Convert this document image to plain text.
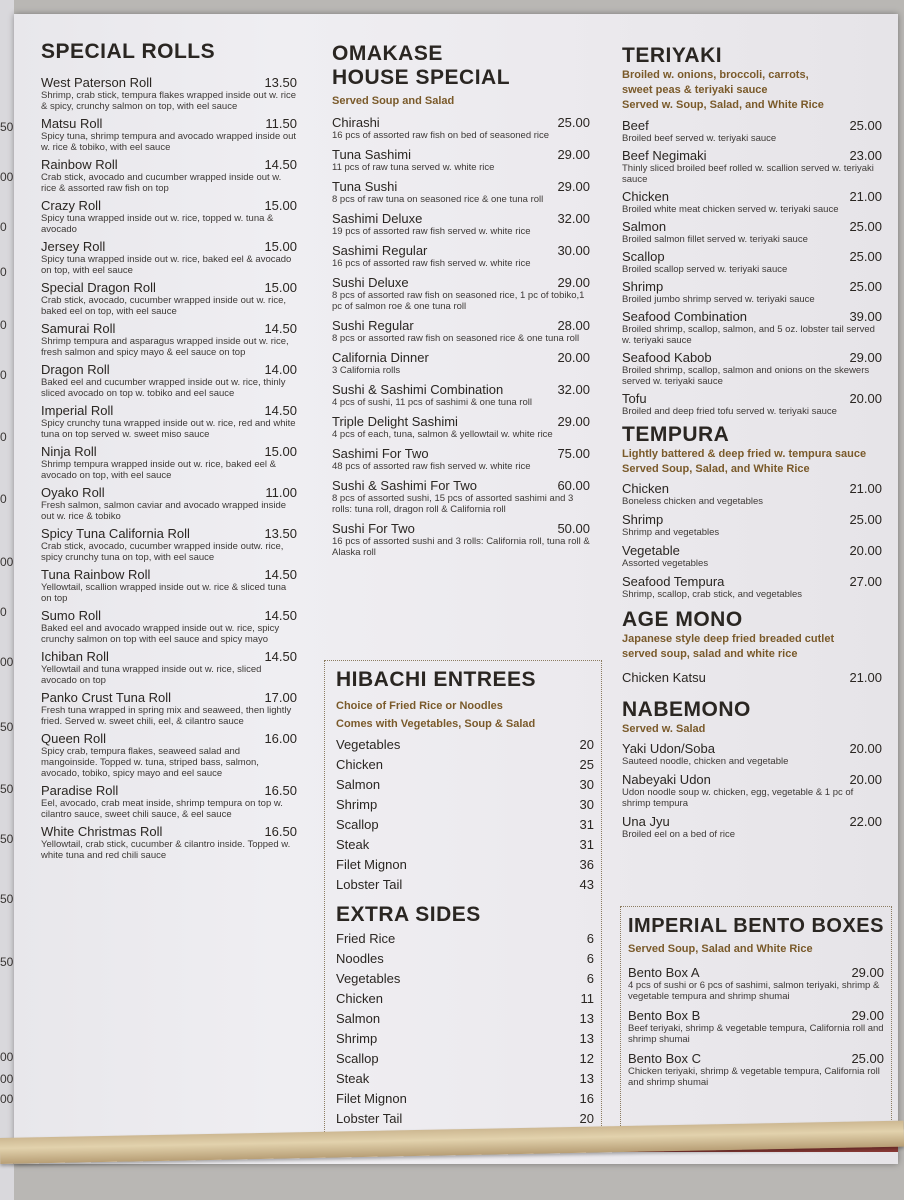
50
00
0
0
0
0
0
0
00
0
00
50
50
50
50
50
00
00
00
SPECIAL ROLLS
West Paterson Roll	13.50
Shrimp, crab stick, tempura flakes wrapped inside out w. rice & spicy, crunchy salmon on top, with eel sauce
Matsu Roll	11.50
Spicy tuna, shrimp tempura and avocado wrapped inside out w. rice & tobiko, with eel sauce
Rainbow Roll	14.50
Crab stick, avocado and cucumber wrapped inside out w. rice & assorted raw fish on top
Crazy Roll	15.00
Spicy tuna wrapped inside out w. rice, topped w. tuna & avocado
Jersey Roll	15.00
Spicy tuna wrapped inside out w. rice, baked eel & avocado on top, with eel sauce
Special Dragon Roll	15.00
Crab stick, avocado, cucumber wrapped inside out w. rice, baked eel on top, with eel sauce
Samurai Roll	14.50
Shrimp tempura and asparagus wrapped inside out w. rice, fresh salmon and spicy mayo & eel sauce on top
Dragon Roll	14.00
Baked eel and cucumber wrapped inside out w. rice, thinly sliced avocado on top w. tobiko and eel sauce
Imperial Roll	14.50
Spicy crunchy tuna wrapped inside out w. rice, red and white tuna on top served w. sweet miso sauce
Ninja Roll	15.00
Shrimp tempura wrapped inside out w. rice, baked eel & avocado on top, with eel sauce
Oyako Roll	11.00
Fresh salmon, salmon caviar and avocado wrapped inside out w. rice & tobiko
Spicy Tuna California Roll	13.50
Crab stick, avocado, cucumber wrapped inside outw. rice, spicy crunchy tuna on top, with eel sauce
Tuna Rainbow Roll	14.50
Yellowtail, scallion wrapped inside out w. rice & sliced tuna on top
Sumo Roll	14.50
Baked eel and avocado wrapped inside out w. rice, spicy crunchy salmon on top with eel sauce and spicy mayo
Ichiban Roll	14.50
Yellowtail and tuna wrapped inside out w. rice, sliced avocado on top
Panko Crust Tuna Roll	17.00
Fresh tuna wrapped in spring mix and seaweed, then lightly fried. Served w. sweet chili, eel, & cilantro sauce
Queen Roll	16.00
Spicy crab, tempura flakes, seaweed salad and mangoinside. Topped w. tuna, striped bass, salmon, avocado, tobiko, spicy mayo and eel sauce
Paradise Roll	16.50
Eel, avocado, crab meat inside, shrimp tempura on top w. cilantro sauce, sweet chili sauce, & eel sauce
White Christmas Roll	16.50
Yellowtail, crab stick, cucumber & cilantro inside. Topped w. white tuna and red chili sauce
OMAKASE
HOUSE SPECIAL
Served Soup and Salad
Chirashi	25.00
16 pcs of assorted raw fish on bed of seasoned rice
Tuna Sashimi	29.00
11 pcs of raw tuna served w. white rice
Tuna Sushi	29.00
8 pcs of raw tuna on seasoned rice & one tuna roll
Sashimi Deluxe	32.00
19 pcs of assorted raw fish served w. white rice
Sashimi Regular	30.00
16 pcs of assorted raw fish served w. white rice
Sushi Deluxe	29.00
8 pcs of assorted raw fish on seasoned rice, 1 pc of tobiko,1 pc of salmon roe & one tuna roll
Sushi Regular	28.00
8 pcs or assorted raw fish on seasoned rice & one tuna roll
California Dinner	20.00
3 California rolls
Sushi & Sashimi Combination	32.00
4 pcs of sushi, 11 pcs of sashimi & one tuna roll
Triple Delight Sashimi	29.00
4 pcs of each, tuna, salmon & yellowtail w. white rice
Sashimi For Two	75.00
48 pcs of assorted raw fish served w. white rice
Sushi & Sashimi For Two	60.00
8 pcs of assorted sushi, 15 pcs of assorted sashimi and 3 rolls: tuna roll, dragon roll & California roll
Sushi For Two	50.00
16 pcs of assorted sushi and 3 rolls: California roll, tuna roll & Alaska roll
HIBACHI ENTREES
Choice of Fried Rice or Noodles
Comes with Vegetables, Soup & Salad
Vegetables	20
Chicken	25
Salmon	30
Shrimp	30
Scallop	31
Steak	31
Filet Mignon	36
Lobster Tail	43
EXTRA SIDES
Fried Rice	6
Noodles	6
Vegetables	6
Chicken	11
Salmon	13
Shrimp	13
Scallop	12
Steak	13
Filet Mignon	16
Lobster Tail	20
TERIYAKI
Broiled w. onions, broccoli, carrots,
sweet peas & teriyaki sauce
Served w. Soup, Salad, and White Rice
Beef	25.00
Broiled beef served w. teriyaki sauce
Beef Negimaki	23.00
Thinly sliced broiled beef rolled w. scallion served w. teriyaki sauce
Chicken	21.00
Broiled white meat chicken served w. teriyaki sauce
Salmon	25.00
Broiled salmon fillet served w. teriyaki sauce
Scallop	25.00
Broiled scallop served w. teriyaki sauce
Shrimp	25.00
Broiled jumbo shrimp served w. teriyaki sauce
Seafood Combination	39.00
Broiled shrimp, scallop, salmon, and 5 oz. lobster tail served w. teriyaki sauce
Seafood Kabob	29.00
Broiled shrimp, scallop, salmon and onions on the skewers served w. teriyaki sauce
Tofu	20.00
Broiled and deep fried tofu served w. teriyaki sauce
TEMPURA
Lightly battered & deep fried w. tempura sauce
Served Soup, Salad, and White Rice
Chicken	21.00
Boneless chicken and vegetables
Shrimp	25.00
Shrimp and vegetables
Vegetable	20.00
Assorted vegetables
Seafood Tempura	27.00
Shrimp, scallop, crab stick, and vegetables
AGE MONO
Japanese style deep fried breaded cutlet
served soup, salad and white rice
Chicken Katsu	21.00
NABEMONO
Served w. Salad
Yaki Udon/Soba	20.00
Sauteed noodle, chicken and vegetable
Nabeyaki Udon	20.00
Udon noodle soup w. chicken, egg, vegetable & 1 pc of shrimp tempura
Una Jyu	22.00
Broiled eel on a bed of rice
IMPERIAL BENTO BOXES
Served Soup, Salad and White Rice
Bento Box A	29.00
4 pcs of sushi or 6 pcs of sashimi, salmon teriyaki, shrimp & vegetable tempura and shrimp shumai
Bento Box B	29.00
Beef teriyaki, shrimp & vegetable tempura, California roll and shrimp shumai
Bento Box C	25.00
Chicken teriyaki, shrimp & vegetable tempura, California roll and shrimp shumai
